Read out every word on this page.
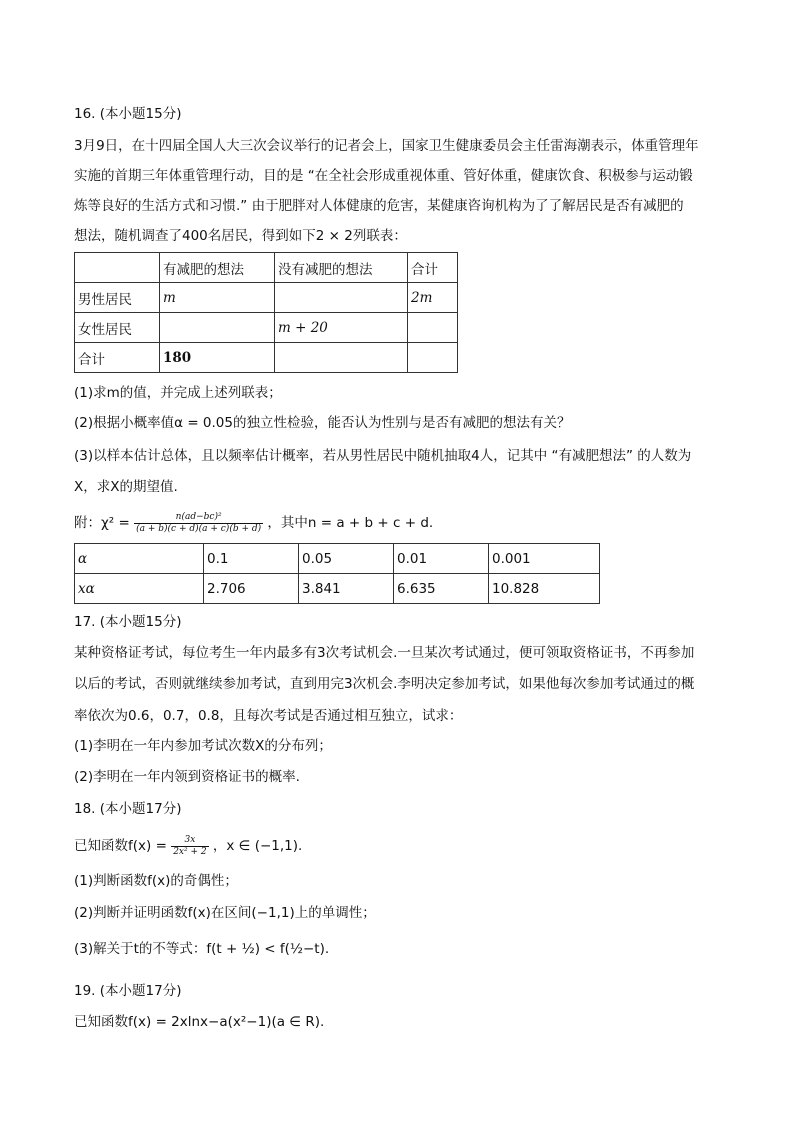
16. (本小题15分)
3月9日，在十四届全国人大三次会议举行的记者会上，国家卫生健康委员会主任雷海潮表示，体重管理年
实施的首期三年体重管理行动，目的是 “在全社会形成重视体重、管好体重，健康饮食、积极参与运动锻
炼等良好的生活方式和习惯.” 由于肥胖对人体健康的危害，某健康咨询机构为了了解居民是否有减肥的
想法，随机调查了400名居民，得到如下2 × 2列联表：
	有减肥的想法	没有减肥的想法	合计
男性居民	m		2m
女性居民		m + 20	
合计	180		
(1)求m的值，并完成上述列联表；
(2)根据小概率值α = 0.05的独立性检验，能否认为性别与是否有减肥的想法有关？
(3)以样本估计总体，且以频率估计概率，若从男性居民中随机抽取4人，记其中 “有减肥想法” 的人数为
X，求X的期望值.
附：$\chi^2 = \frac{\text{n(ad−bc)²}}{(a + b)(c + d)(a + c)(b + d)}$ ，其中n = a + b + c + d.
α	0.1	0.05	0.01	0.001
xα	2.706	3.841	6.635	10.828
17. (本小题15分)
某种资格证考试，每位考生一年内最多有3次考试机会.一旦某次考试通过，便可领取资格证书，不再参加
以后的考试，否则就继续参加考试，直到用完3次机会.李明决定参加考试，如果他每次参加考试通过的概
率依次为0.6，0.7，0.8，且每次考试是否通过相互独立，试求：
(1)李明在一年内参加考试次数X的分布列；
(2)李明在一年内领到资格证书的概率.
18. (本小题17分)
已知函数$f(x) = \frac{3x}{\text{2x² + 2}}$ ，x ∈ (−1,1).
(1)判断函数f(x)的奇偶性；
(2)判断并证明函数f(x)在区间(−1,1)上的单调性；
(3)解关于t的不等式：f(t + ½) < f(½−t).
19. (本小题17分)
已知函数f(x) = 2xlnx−a(x²−1)(a ∈ R).
